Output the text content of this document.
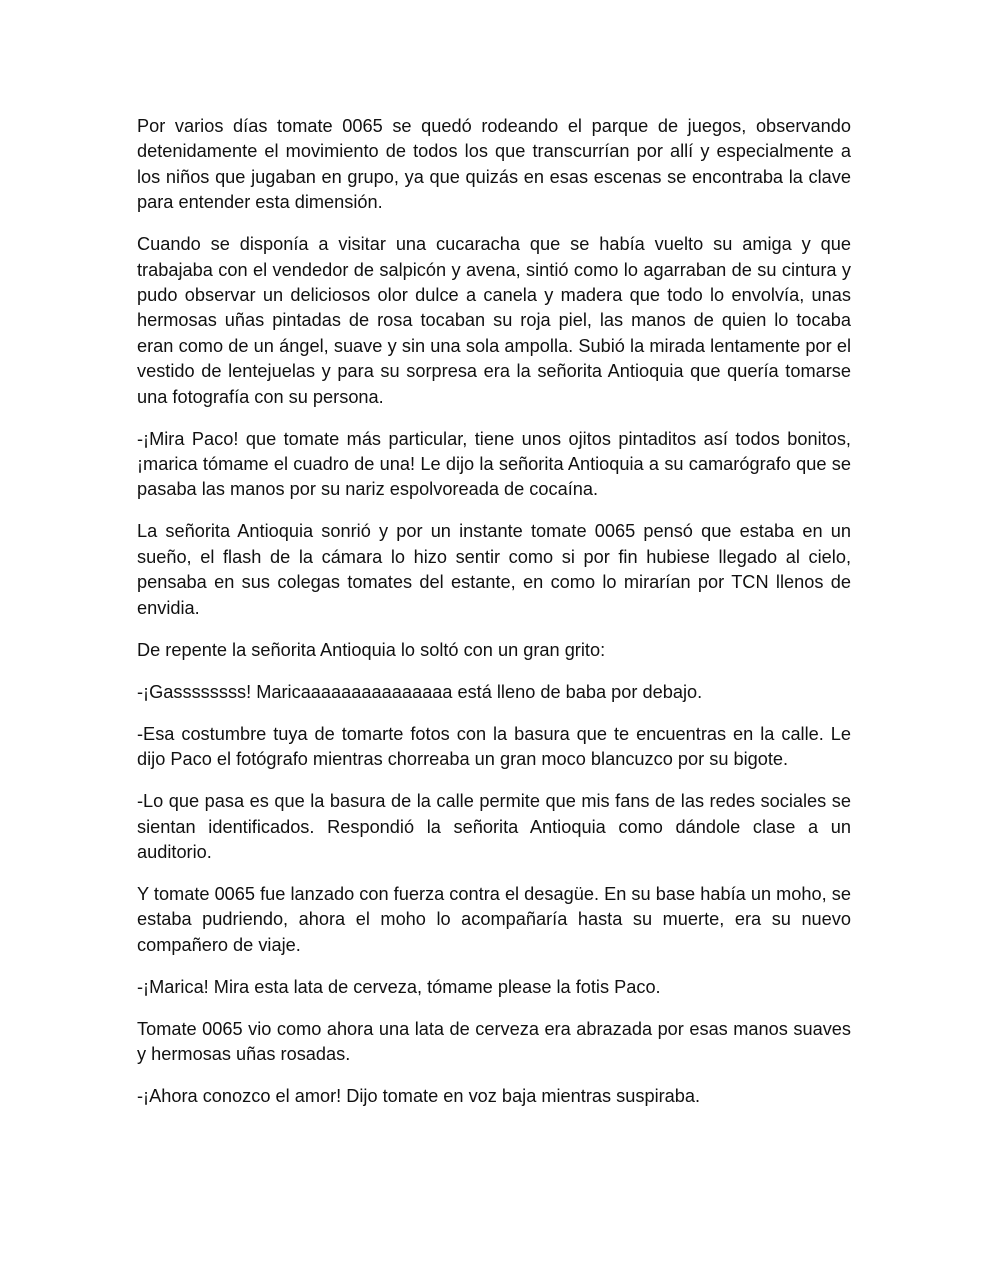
Por varios días tomate 0065 se quedó rodeando el parque de juegos, observando detenidamente el movimiento de todos los que transcurrían por allí y especialmente a los niños que jugaban en grupo, ya que quizás en esas escenas se encontraba la clave para entender esta dimensión.

Cuando se disponía a visitar una cucaracha que se había vuelto su amiga y que trabajaba con el vendedor de salpicón y avena, sintió como lo agarraban de su cintura y pudo observar un deliciosos olor dulce a canela y madera que todo lo envolvía, unas hermosas uñas pintadas de rosa tocaban su roja piel, las manos de quien lo tocaba eran como de un ángel, suave y sin una sola ampolla. Subió la mirada lentamente por el vestido de lentejuelas y para su sorpresa era la señorita Antioquia que quería tomarse una fotografía con su persona.

-¡Mira Paco! que tomate más particular, tiene unos ojitos pintaditos así todos bonitos, ¡marica tómame el cuadro de una! Le dijo la señorita Antioquia a su camarógrafo que se pasaba las manos por su nariz espolvoreada de cocaína.

La señorita Antioquia sonrió y por un instante tomate 0065 pensó que estaba en un sueño, el flash de la cámara lo hizo sentir como si por fin hubiese llegado al cielo, pensaba en sus colegas tomates del estante, en como lo mirarían por TCN llenos de envidia.

De repente la señorita Antioquia lo soltó con un gran grito:

-¡Gassssssss! Maricaaaaaaaaaaaaaaa está lleno de baba por debajo.

-Esa costumbre tuya de tomarte fotos con la basura que te encuentras en la calle. Le dijo Paco el fotógrafo mientras chorreaba un gran moco blancuzco por su bigote.

-Lo que pasa es que la basura de la calle permite que mis fans de las redes sociales se sientan identificados. Respondió la señorita Antioquia como dándole clase a un auditorio.

Y tomate 0065 fue lanzado con fuerza contra el desagüe. En su base había un moho, se estaba pudriendo, ahora el moho lo acompañaría hasta su muerte, era su nuevo compañero de viaje.

-¡Marica! Mira esta lata de cerveza, tómame please la fotis Paco.

Tomate 0065 vio como ahora una lata de cerveza era abrazada por esas manos suaves y hermosas uñas rosadas.

-¡Ahora conozco el amor! Dijo tomate en voz baja mientras suspiraba.
